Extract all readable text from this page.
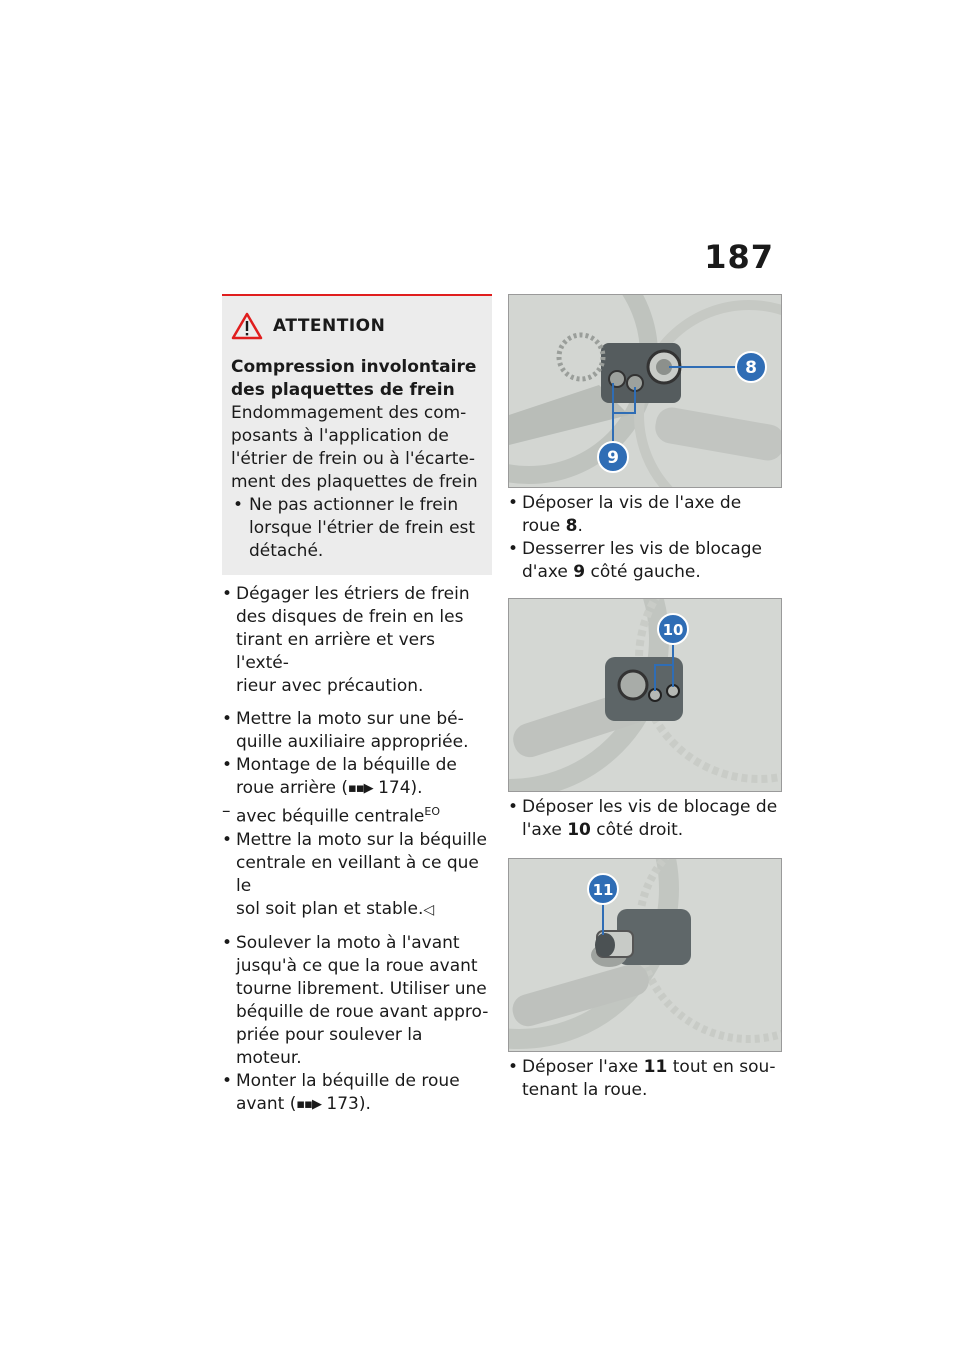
187
ATTENTION
Compression involontaire
des plaquettes de frein
Endommagement des com-
posants à l'application de
l'étrier de frein ou à l'écarte-
ment des plaquettes de frein
• Ne pas actionner le frein
lorsque l'étrier de frein est
détaché.
• Dégager les étriers de frein
des disques de frein en les
tirant en arrière et vers l'exté-
rieur avec précaution.
• Mettre la moto sur une bé-
quille auxiliaire appropriée.
• Montage de la béquille de
roue arrière (▪▪▶ 174).
– avec béquille centrale$^{EO}$
• Mettre la moto sur la béquille
centrale en veillant à ce que le
sol soit plan et stable.◁
• Soulever la moto à l'avant
jusqu'à ce que la roue avant
tourne librement. Utiliser une
béquille de roue avant appro-
priée pour soulever la moteur.
• Monter la béquille de roue
avant (▪▪▶ 173).
8
9
• Déposer la vis de l'axe de
roue 8.
• Desserrer les vis de blocage
d'axe 9 côté gauche.
10
• Déposer les vis de blocage de
l'axe 10 côté droit.
11
• Déposer l'axe 11 tout en sou-
tenant la roue.
